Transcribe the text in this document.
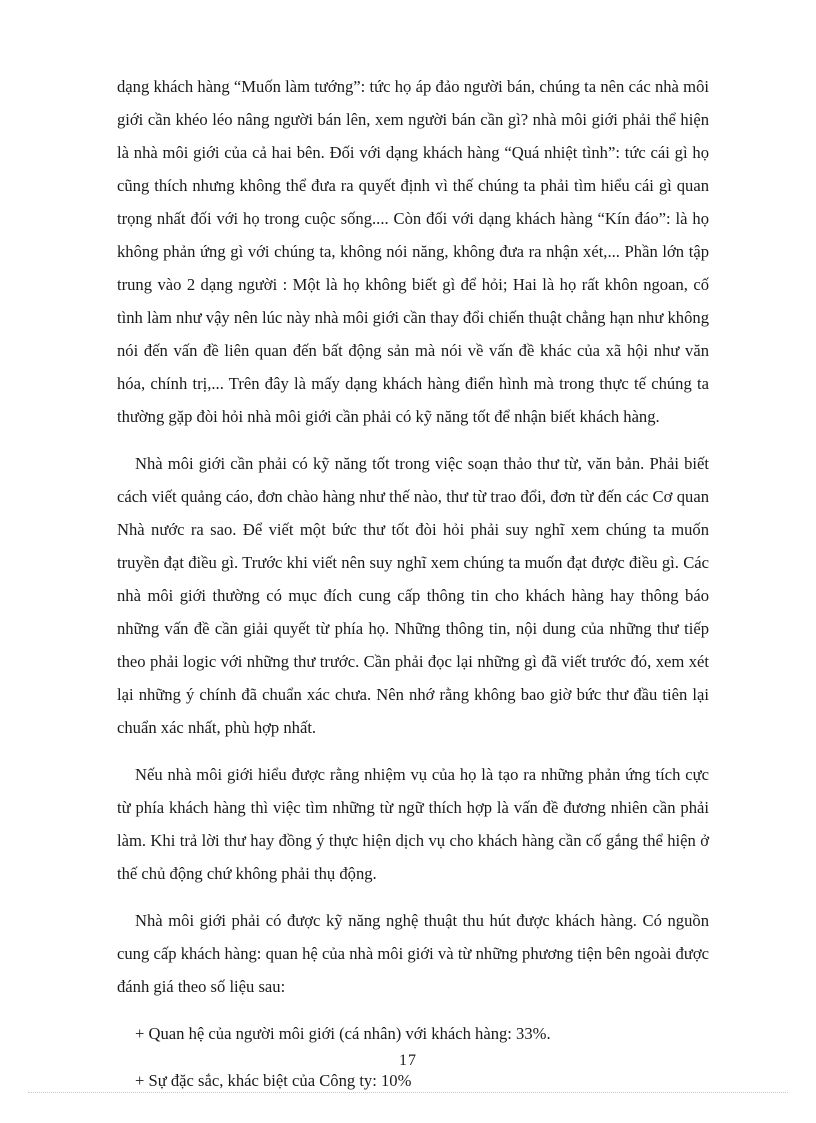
dạng khách hàng “Muốn làm tướng”: tức họ áp đảo người bán, chúng ta nên các nhà môi giới cần khéo léo nâng người bán lên, xem người bán cần gì? nhà môi giới phải thể hiện là nhà môi giới của cả hai bên. Đối với dạng khách hàng “Quá nhiệt tình”: tức cái gì họ cũng thích nhưng không thể đưa ra quyết định vì thế chúng ta phải tìm hiểu cái gì quan trọng nhất đối với họ trong cuộc sống.... Còn đối với dạng khách hàng “Kín đáo”: là họ không phản ứng gì với chúng ta, không nói năng, không đưa ra nhận xét,... Phần lớn tập trung vào 2 dạng người : Một là họ không biết gì để hỏi; Hai là họ rất khôn ngoan, cố tình làm như vậy nên lúc này nhà môi giới cần thay đổi chiến thuật chẳng hạn như không nói đến vấn đề liên quan đến bất động sản mà nói về vấn đề khác của xã hội như văn hóa, chính trị,... Trên đây là mấy dạng khách hàng điển hình mà trong thực tế chúng ta thường gặp đòi hỏi nhà môi giới cần phải có kỹ năng tốt để nhận biết khách hàng.

Nhà môi giới cần phải có kỹ năng tốt trong việc soạn thảo thư từ, văn bản. Phải biết cách viết quảng cáo, đơn chào hàng như thế nào, thư từ trao đổi, đơn từ đến các Cơ quan Nhà nước ra sao. Để viết một bức thư tốt đòi hỏi phải suy nghĩ xem chúng ta muốn truyền đạt điều gì. Trước khi viết nên suy nghĩ xem chúng ta muốn đạt được điều gì. Các nhà môi giới thường có mục đích cung cấp thông tin cho khách hàng hay thông báo những vấn đề cần giải quyết từ phía họ. Những thông tin, nội dung của những thư tiếp theo phải logic với những thư trước. Cần phải đọc lại những gì đã viết trước đó, xem xét lại những ý chính đã chuẩn xác chưa. Nên nhớ rằng không bao giờ bức thư đầu tiên lại chuẩn xác nhất, phù hợp nhất.

Nếu nhà môi giới hiểu được rằng nhiệm vụ của họ là tạo ra những phản ứng tích cực từ phía khách hàng thì việc tìm những từ ngữ thích hợp là vấn đề đương nhiên cần phải làm. Khi trả lời thư hay đồng ý thực hiện dịch vụ cho khách hàng cần cố gắng thể hiện ở thế chủ động chứ không phải thụ động.

Nhà môi giới phải có được kỹ năng nghệ thuật thu hút được khách hàng. Có nguồn cung cấp khách hàng: quan hệ của nhà môi giới và từ những phương tiện bên ngoài được đánh giá theo số liệu sau:

+ Quan hệ của người môi giới (cá nhân) với khách hàng: 33%.

+ Sự đặc sắc, khác biệt của Công ty: 10%

17
